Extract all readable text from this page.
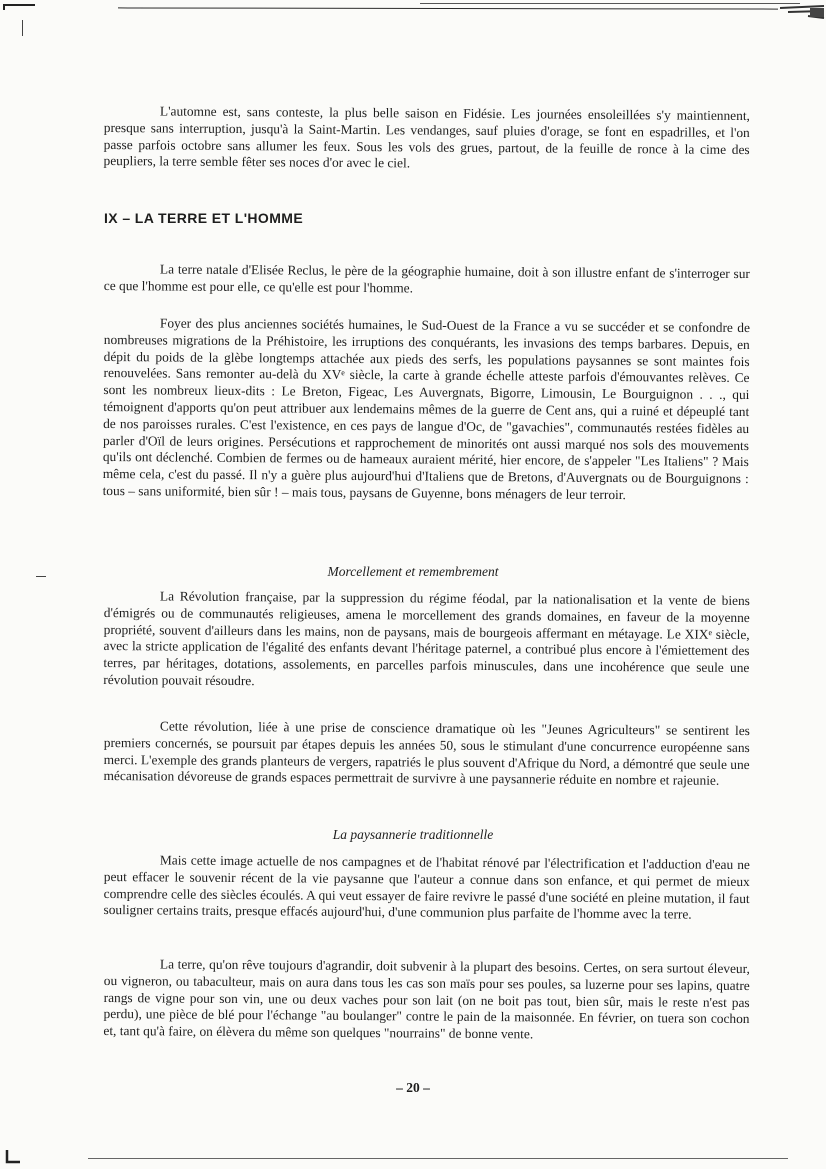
L'automne est, sans conteste, la plus belle saison en Fidésie. Les journées ensoleillées s'y maintiennent, presque sans interruption, jusqu'à la Saint-Martin. Les vendanges, sauf pluies d'orage, se font en espadrilles, et l'on passe parfois octobre sans allumer les feux. Sous les vols des grues, partout, de la feuille de ronce à la cime des peupliers, la terre semble fêter ses noces d'or avec le ciel.

IX – LA TERRE ET L'HOMME

La terre natale d'Elisée Reclus, le père de la géographie humaine, doit à son illustre enfant de s'interroger sur ce que l'homme est pour elle, ce qu'elle est pour l'homme.

Foyer des plus anciennes sociétés humaines, le Sud-Ouest de la France a vu se succéder et se confondre de nombreuses migrations de la Préhistoire, les irruptions des conquérants, les invasions des temps barbares. Depuis, en dépit du poids de la glèbe longtemps attachée aux pieds des serfs, les populations paysannes se sont maintes fois renouvelées. Sans remonter au-delà du XVᵉ siècle, la carte à grande échelle atteste parfois d'émouvantes relèves. Ce sont les nombreux lieux-dits : Le Breton, Figeac, Les Auvergnats, Bigorre, Limousin, Le Bourguignon . . ., qui témoignent d'apports qu'on peut attribuer aux lendemains mêmes de la guerre de Cent ans, qui a ruiné et dépeuplé tant de nos paroisses rurales. C'est l'existence, en ces pays de langue d'Oc, de "gavachies", communautés restées fidèles au parler d'Oïl de leurs origines. Persécutions et rapprochement de minorités ont aussi marqué nos sols des mouvements qu'ils ont déclenché. Combien de fermes ou de hameaux auraient mérité, hier encore, de s'appeler "Les Italiens" ? Mais même cela, c'est du passé. Il n'y a guère plus aujourd'hui d'Italiens que de Bretons, d'Auvergnats ou de Bourguignons : tous – sans uniformité, bien sûr ! – mais tous, paysans de Guyenne, bons ménagers de leur terroir.

Morcellement et remembrement

La Révolution française, par la suppression du régime féodal, par la nationalisation et la vente de biens d'émigrés ou de communautés religieuses, amena le morcellement des grands domaines, en faveur de la moyenne propriété, souvent d'ailleurs dans les mains, non de paysans, mais de bourgeois affermant en métayage. Le XIXᵉ siècle, avec la stricte application de l'égalité des enfants devant l'héritage paternel, a contribué plus encore à l'émiettement des terres, par héritages, dotations, assolements, en parcelles parfois minuscules, dans une incohérence que seule une révolution pouvait résoudre.

Cette révolution, liée à une prise de conscience dramatique où les "Jeunes Agriculteurs" se sentirent les premiers concernés, se poursuit par étapes depuis les années 50, sous le stimulant d'une concurrence européenne sans merci. L'exemple des grands planteurs de vergers, rapatriés le plus souvent d'Afrique du Nord, a démontré que seule une mécanisation dévoreuse de grands espaces permettrait de survivre à une paysannerie réduite en nombre et rajeunie.

La paysannerie traditionnelle

Mais cette image actuelle de nos campagnes et de l'habitat rénové par l'électrification et l'adduction d'eau ne peut effacer le souvenir récent de la vie paysanne que l'auteur a connue dans son enfance, et qui permet de mieux comprendre celle des siècles écoulés. A qui veut essayer de faire revivre le passé d'une société en pleine mutation, il faut souligner certains traits, presque effacés aujourd'hui, d'une communion plus parfaite de l'homme avec la terre.

La terre, qu'on rêve toujours d'agrandir, doit subvenir à la plupart des besoins. Certes, on sera surtout éleveur, ou vigneron, ou tabaculteur, mais on aura dans tous les cas son maïs pour ses poules, sa luzerne pour ses lapins, quatre rangs de vigne pour son vin, une ou deux vaches pour son lait (on ne boit pas tout, bien sûr, mais le reste n'est pas perdu), une pièce de blé pour l'échange "au boulanger" contre le pain de la maisonnée. En février, on tuera son cochon et, tant qu'à faire, on élèvera du même son quelques "nourrains" de bonne vente.

– 20 –
